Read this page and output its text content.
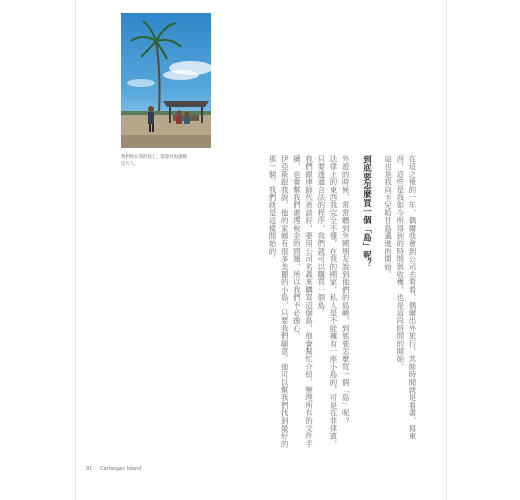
我們夠在我的島上，都會有海邊樹
這片人。	在這之後的一年，偶爾我會到公司去看看，偶爾出外旅行，其餘時間就是看書、寫東西，這些是我如今所得到的時間與收穫，也是這段時間的開始。
這也是我向卡兒哈甘島邁進的開始。
到底要怎麼買一個「島」呢？
外遊的時候，常常聽到外國朋友說到他們的島嶼，到底要怎麼買一個「島」呢？
法律上的東西我完全不懂，在我的國家，私人是不能擁有一座小島的，可是在菲律賓，只要透過合法的程序，我們就可以購買一個島。
我們跟律師代表談好，要用公司名義來購買這個島，他會幫忙介紹、辦理所有的文件手續，也會幫我們處理稅金的問題，所以我們不必擔心。
伊亞斯跟我說，他的家鄉有很多美麗的小島，只要我們願意，他可以幫我們找到最好的那一個，我們就是這樣開始的。
91 Carlasgan Island
